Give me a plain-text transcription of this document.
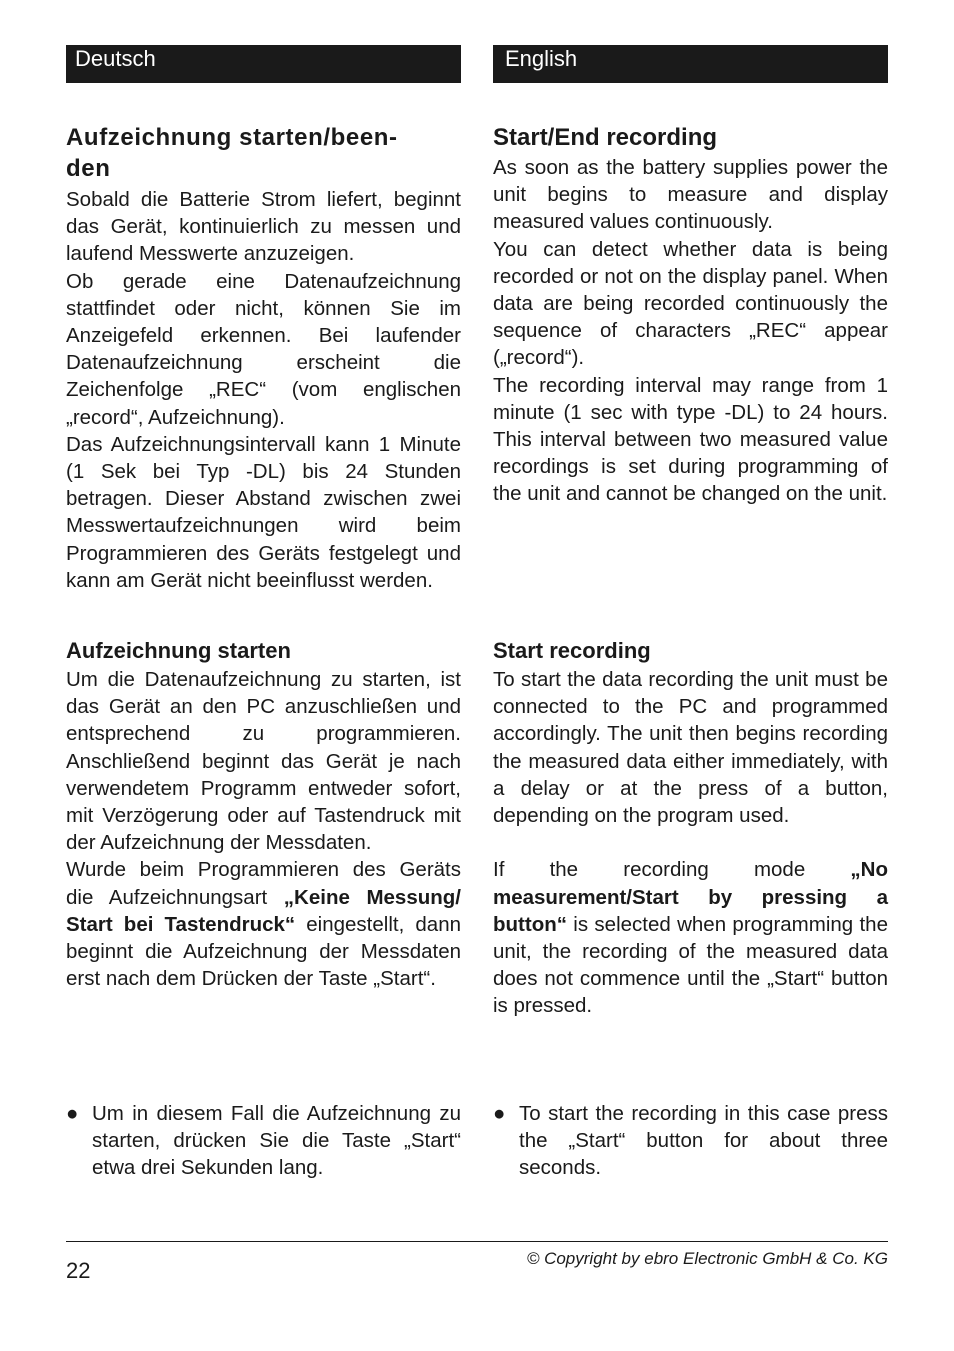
Deutsch
Aufzeichnung starten/been-
den

Sobald die Batterie Strom liefert, beginnt das Gerät, kontinuierlich zu messen und laufend Messwerte anzuzeigen.

Ob gerade eine Datenaufzeichnung stattfindet oder nicht, können Sie im Anzeigefeld erkennen. Bei laufender Datenaufzeichnung erscheint die Zeichenfolge „REC“ (vom englischen „record“, Aufzeichnung).

Das Aufzeichnungsintervall kann 1 Minute (1 Sek bei Typ -DL) bis 24 Stunden betragen. Dieser Abstand zwischen zwei Messwertaufzeichnungen wird beim Programmieren des Geräts festgelegt und kann am Gerät nicht beeinflusst werden.

Aufzeichnung starten

Um die Datenaufzeichnung zu starten, ist das Gerät an den PC anzuschließen und entsprechend zu programmieren. Anschließend beginnt das Gerät je nach verwendetem Programm entweder sofort, mit Verzögerung oder auf Tastendruck mit der Aufzeichnung der Messdaten.

Wurde beim Programmieren des Geräts die Aufzeichnungsart „Keine Messung/ Start bei Tastendruck“ eingestellt, dann beginnt die Aufzeichnung der Messdaten erst nach dem Drücken der Taste „Start“.

● Um in diesem Fall die Aufzeichnung zu starten, drücken Sie die Taste „Start“ etwa drei Sekunden lang.
English
Start/End recording

As soon as the battery supplies power the unit begins to measure and display measured values continuously.

You can detect whether data is being recorded or not on the display panel. When data are being recorded continuously the sequence of characters „REC“ appear („record“).

The recording interval may range from 1 minute (1 sec with type -DL) to 24 hours. This interval between two measured value recordings is set during programming of the unit and cannot be changed on the unit.

Start recording

To start the data recording the unit must be connected to the PC and programmed accordingly. The unit then begins recording the measured data either immediately, with a delay or at the press of a button, depending on the program used.

If the recording mode „No measurement/Start by pressing a button“ is selected when programming the unit, the recording of the measured data does not commence until the „Start“ button is pressed.

● To start the recording in this case press the „Start“ button for about three seconds.
22	© Copyright by ebro Electronic GmbH & Co. KG
